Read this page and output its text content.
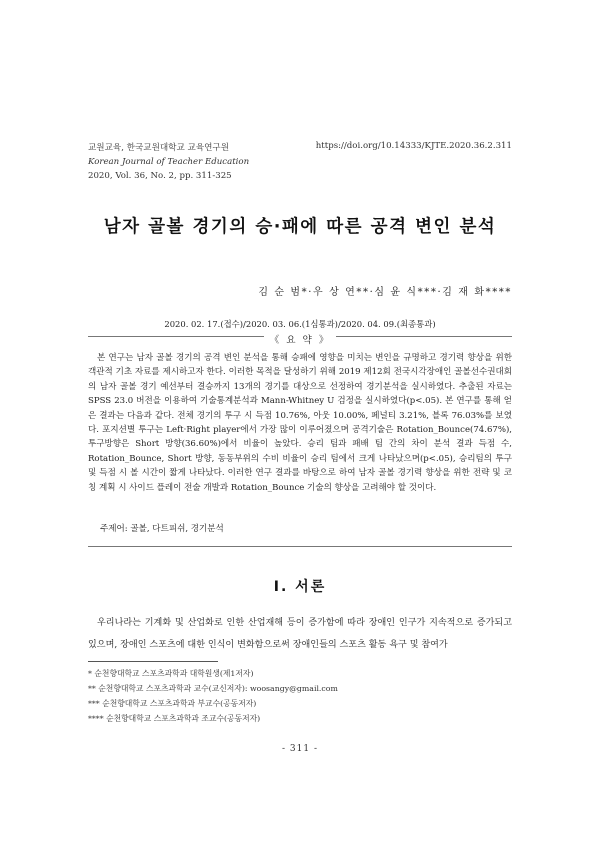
교원교육, 한국교원대학교 교육연구원
Korean Journal of Teacher Education
2020, Vol. 36, No. 2, pp. 311-325
https://doi.org/10.14333/KJTE.2020.36.2.311
남자 골볼 경기의 승·패에 따른 공격 변인 분석
김 순 범*·우 상 연**·심 윤 식***·김 재 화****
2020. 02. 17.(접수)/2020. 03. 06.(1심통과)/2020. 04. 09.(최종통과)
《 요 약 》
본 연구는 남자 골볼 경기의 공격 변인 분석을 통해 승패에 영향을 미치는 변인을 규명하고 경기력 향상을 위한 객관적 기초 자료를 제시하고자 한다. 이러한 목적을 달성하기 위해 2019 제12회 전국시각장애인 골볼선수권대회의 남자 골볼 경기 예선부터 결승까지 13개의 경기를 대상으로 선정하여 경기분석을 실시하였다. 추출된 자료는 SPSS 23.0 버전을 이용하여 기술통계분석과 Mann-Whitney U 검정을 실시하였다(p<.05). 본 연구를 통해 얻은 결과는 다음과 같다. 전체 경기의 투구 시 득점 10.76%, 아웃 10.00%, 페널티 3.21%, 블록 76.03%를 보였다. 포지션별 투구는 Left·Right player에서 가장 많이 이루어졌으며 공격기술은 Rotation_Bounce(74.67%), 투구방향은 Short 방향(36.60%)에서 비율이 높았다. 승리 팀과 패배 팀 간의 차이 분석 결과 득점 수, Rotation_Bounce, Short 방향, 동동부위의 수비 비율이 승리 팀에서 크게 나타났으며(p<.05), 승리팀의 투구 및 득점 시 볼 시간이 짧게 나타났다. 이러한 연구 결과를 바탕으로 하여 남자 골볼 경기력 향상을 위한 전략 및 코칭 계획 시 사이드 플레이 전술 개발과 Rotation_Bounce 기술의 향상을 고려해야 할 것이다.
주제어: 골볼, 다트피쉬, 경기분석
Ⅰ. 서론
우리나라는 기계화 및 산업화로 인한 산업재해 등이 증가함에 따라 장애인 인구가 지속적으로 증가되고 있으며, 장애인 스포츠에 대한 인식이 변화함으로써 장애인들의 스포츠 활동 욕구 및 참여가
* 순천향대학교 스포츠과학과 대학원생(제1저자)
** 순천향대학교 스포츠과학과 교수(교신저자): woosangy@gmail.com
*** 순천향대학교 스포츠과학과 부교수(공동저자)
**** 순천향대학교 스포츠과학과 조교수(공동저자)
- 311 -
